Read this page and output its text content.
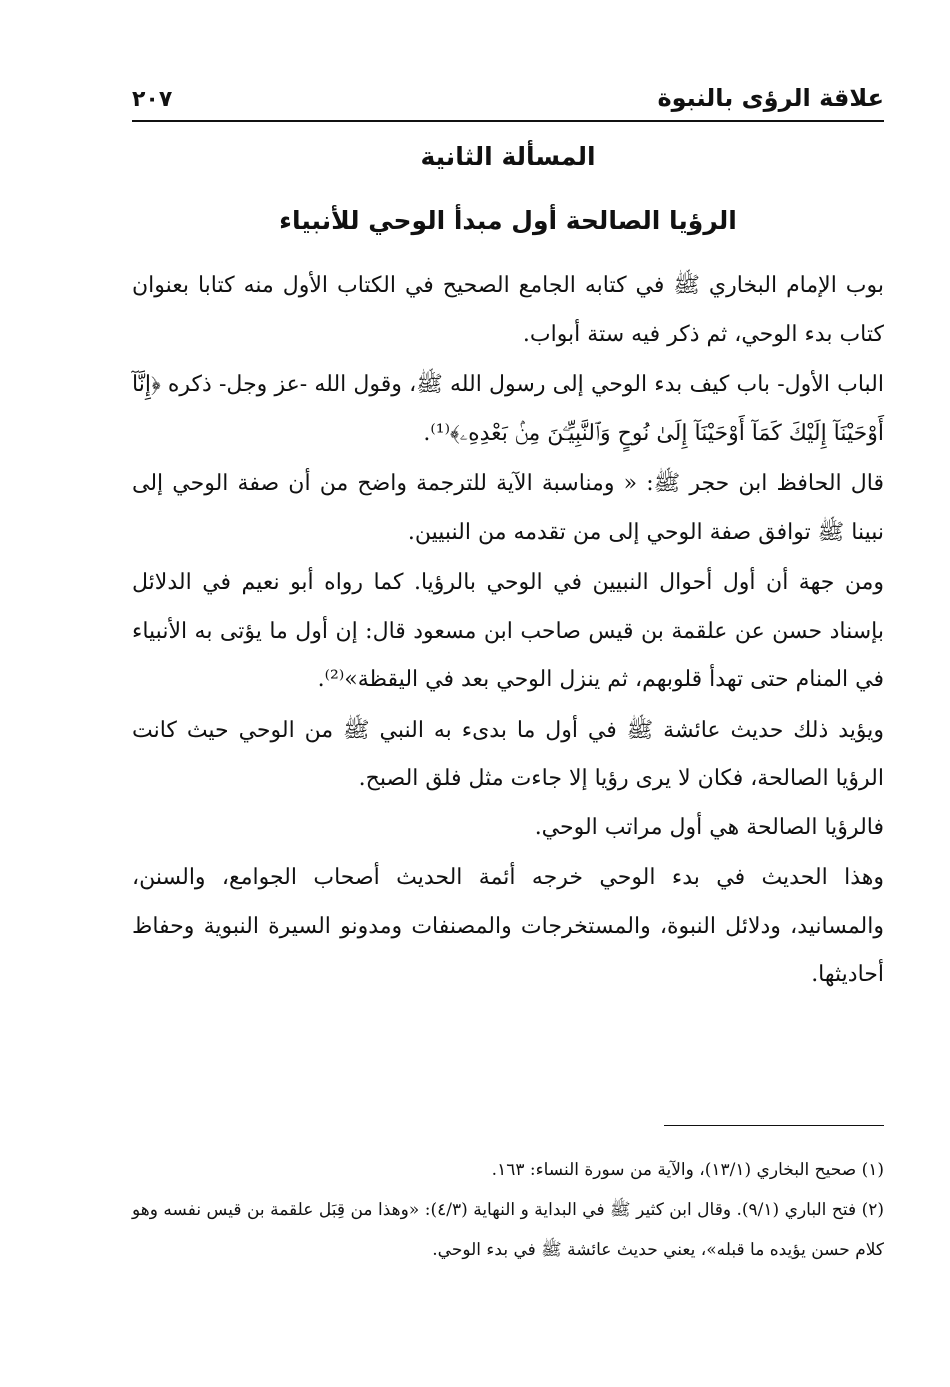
علاقة الرؤى بالنبوة
٢٠٧
المسألة الثانية
الرؤيا الصالحة أول مبدأ الوحي للأنبياء

بوب الإمام البخاري ﷺ في كتابه الجامع الصحيح في الكتاب الأول منه كتابا بعنوان كتاب بدء الوحي، ثم ذكر فيه ستة أبواب.

الباب الأول- باب كيف بدء الوحي إلى رسول الله ﷺ، وقول الله -عز وجل- ذكره ﴿إِنَّآ أَوْحَيْنَآ إِلَيْكَ كَمَآ أَوْحَيْنَآ إِلَىٰ نُوحٍ وَٱلنَّبِيِّـۧنَ مِنۢ بَعْدِهِۦ﴾⁽¹⁾.

قال الحافظ ابن حجر ﷺ: « ومناسبة الآية للترجمة واضح من أن صفة الوحي إلى نبينا ﷺ توافق صفة الوحي إلى من تقدمه من النبيين.

ومن جهة أن أول أحوال النبيين في الوحي بالرؤيا. كما رواه أبو نعيم في الدلائل بإسناد حسن عن علقمة بن قيس صاحب ابن مسعود قال: إن أول ما يؤتى به الأنبياء في المنام حتى تهدأ قلوبهم، ثم ينزل الوحي بعد في اليقظة»⁽²⁾.

ويؤيد ذلك حديث عائشة ﷺ في أول ما بدىء به النبي ﷺ من الوحي حيث كانت الرؤيا الصالحة، فكان لا يرى رؤيا إلا جاءت مثل فلق الصبح.

فالرؤيا الصالحة هي أول مراتب الوحي.

وهذا الحديث في بدء الوحي خرجه أئمة الحديث أصحاب الجوامع، والسنن، والمسانيد، ودلائل النبوة، والمستخرجات والمصنفات ومدونو السيرة النبوية وحفاظ أحاديثها.

(١) صحيح البخاري (١٣/١)، والآية من سورة النساء: ١٦٣.

(٢) فتح الباري (٩/١). وقال ابن كثير ﷺ في البداية و النهاية (٤/٣): «وهذا من قِبَل علقمة بن قيس نفسه وهو كلام حسن يؤيده ما قبله»، يعني حديث عائشة ﷺ في بدء الوحي.
